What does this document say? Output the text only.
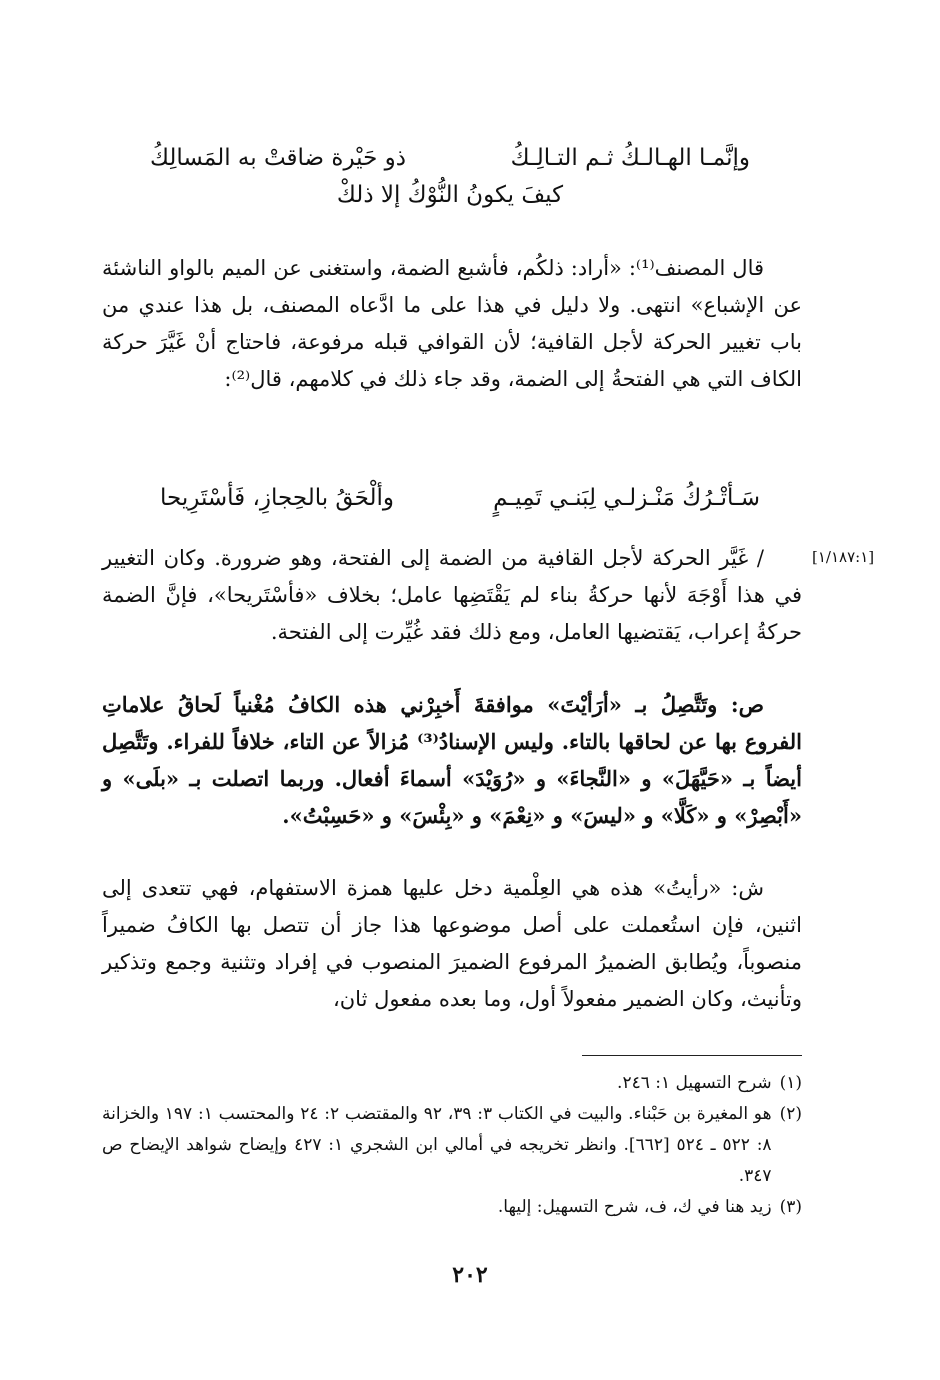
وإنَّمـا الهـالـكُ ثـم التـالِـكُ
ذو حَيْرة ضاقتْ به المَسالِكُ
كيفَ يكونُ النُّوْكُ إلا ذلكْ
قال المصنف⁽¹⁾: «أراد: ذلكُم، فأشبع الضمة، واستغنى عن الميم بالواو الناشئة عن الإشباع» انتهى. ولا دليل في هذا على ما ادَّعاه المصنف، بل هذا عندي من باب تغيير الحركة لأجل القافية؛ لأن القوافي قبله مرفوعة، فاحتاج أنْ غَيَّرَ حركة الكاف التي هي الفتحةُ إلى الضمة، وقد جاء ذلك في كلامهم، قال⁽²⁾:
سَـأتْـرُكُ مَنْـزلـي لِبَنـي تَمِيـمٍ
وألْحَقُ بالحِجازِ، فَأسْتَرِيحا
[١/١٨٧:١]
/ غَيَّر الحركة لأجل القافية من الضمة إلى الفتحة، وهو ضرورة. وكان التغيير في هذا أَوْجَهَ لأنها حركةُ بناء لم يَقْتَضِها عامل؛ بخلاف «فأسْتَريحا»، فإنَّ الضمة حركةُ إعراب، يَقتضيها العامل، ومع ذلك فقد غُيِّرت إلى الفتحة.
ص: وتَتَّصِلُ بـ «أرَأيْتَ» موافقةَ أَخبِرْني هذه الكافُ مُغْنياً لَحاقُ علاماتِ الفروع بها عن لحاقها بالتاء. وليس الإسنادُ⁽³⁾ مُزالاً عن التاء، خلافاً للفراء. وتَتَّصِل أيضاً بـ «حَيَّهَلَ» و «النَّجاءَ» و «رُوَيْدَ» أسماءَ أفعال. وربما اتصلت بـ «بلَى» و «أَبْصِرْ» و «كَلَّا» و «ليسَ» و «نِعْمَ» و «بِئْسَ» و «حَسِبْتُ».
ش: «رأيتُ» هذه هي العِلْمية دخل عليها همزة الاستفهام، فهي تتعدى إلى اثنين، فإن استُعملت على أصل موضوعها هذا جاز أن تتصل بها الكافُ ضميراً منصوباً، ويُطابق الضميرُ المرفوع الضميرَ المنصوب في إفراد وتثنية وجمع وتذكير وتأنيث، وكان الضمير مفعولاً أول، وما بعده مفعول ثان،
(١)
شرح التسهيل ١: ٢٤٦.
(٢)
هو المغيرة بن حَبْناء. والبيت في الكتاب ٣: ٣٩، ٩٢ والمقتضب ٢: ٢٤ والمحتسب ١: ١٩٧ والخزانة ٨: ٥٢٢ ـ ٥٢٤ [٦٦٢]. وانظر تخريجه في أمالي ابن الشجري ١: ٤٢٧ وإيضاح شواهد الإيضاح ص ٣٤٧.
(٣)
زيد هنا في ك، ف، شرح التسهيل: إليها.
٢٠٢
